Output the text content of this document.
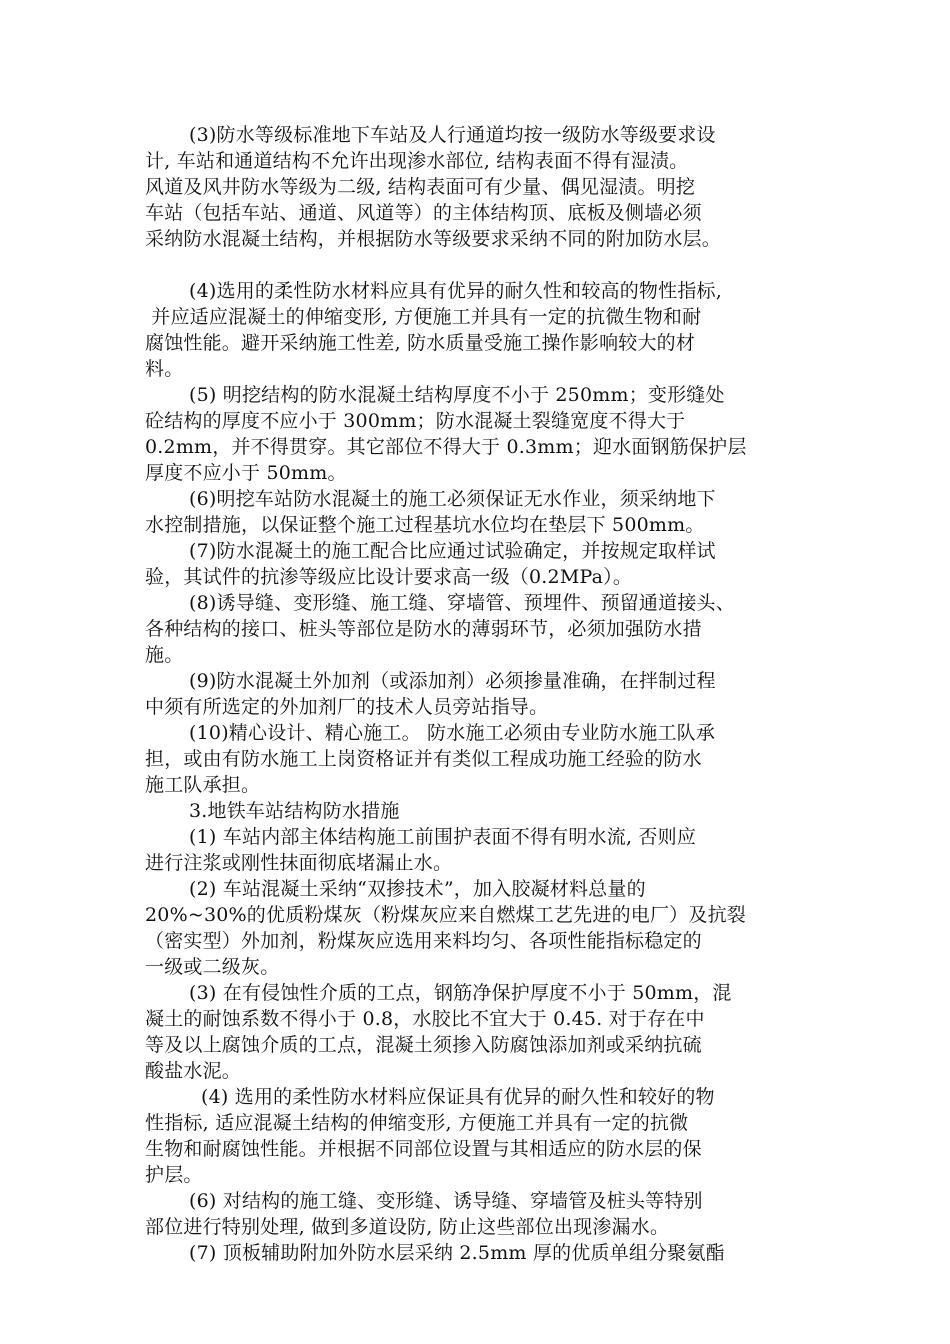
(3)防水等级标准地下车站及人行通道均按一级防水等级要求设
计, 车站和通道结构不允许出现渗水部位, 结构表面不得有湿渍。
风道及风井防水等级为二级, 结构表面可有少量、偶见湿渍。明挖
车站（包括车站、通道、风道等）的主体结构顶、底板及侧墙必须
采纳防水混凝土结构，并根据防水等级要求采纳不同的附加防水层。
(4)选用的柔性防水材料应具有优异的耐久性和较高的物性指标,
并应适应混凝土的伸缩变形, 方便施工并具有一定的抗微生物和耐
腐蚀性能。避开采纳施工性差, 防水质量受施工操作影响较大的材
料。
(5) 明挖结构的防水混凝土结构厚度不小于 250mm；变形缝处
砼结构的厚度不应小于 300mm；防水混凝土裂缝宽度不得大于
0.2mm，并不得贯穿。其它部位不得大于 0.3mm；迎水面钢筋保护层
厚度不应小于 50mm。
(6)明挖车站防水混凝土的施工必须保证无水作业，须采纳地下
水控制措施，以保证整个施工过程基坑水位均在垫层下 500mm。
(7)防水混凝土的施工配合比应通过试验确定，并按规定取样试
验，其试件的抗渗等级应比设计要求高一级（0.2MPa）。
(8)诱导缝、变形缝、施工缝、穿墙管、预埋件、预留通道接头、
各种结构的接口、桩头等部位是防水的薄弱环节，必须加强防水措
施。
(9)防水混凝土外加剂（或添加剂）必须掺量准确，在拌制过程
中须有所选定的外加剂厂的技术人员旁站指导。
(10)精心设计、精心施工。 防水施工必须由专业防水施工队承
担，或由有防水施工上岗资格证并有类似工程成功施工经验的防水
施工队承担。
3.地铁车站结构防水措施
(1) 车站内部主体结构施工前围护表面不得有明水流, 否则应
进行注浆或刚性抹面彻底堵漏止水。
(2) 车站混凝土采纳“双掺技术”，加入胶凝材料总量的
20%~30%的优质粉煤灰（粉煤灰应来自燃煤工艺先进的电厂）及抗裂
（密实型）外加剂，粉煤灰应选用来料均匀、各项性能指标稳定的
一级或二级灰。
(3) 在有侵蚀性介质的工点，钢筋净保护厚度不小于 50mm，混
凝土的耐蚀系数不得小于 0.8，水胶比不宜大于 0.45. 对于存在中
等及以上腐蚀介质的工点，混凝土须掺入防腐蚀添加剂或采纳抗硫
酸盐水泥。
(4) 选用的柔性防水材料应保证具有优异的耐久性和较好的物
性指标, 适应混凝土结构的伸缩变形, 方便施工并具有一定的抗微
生物和耐腐蚀性能。并根据不同部位设置与其相适应的防水层的保
护层。
(6) 对结构的施工缝、变形缝、诱导缝、穿墙管及桩头等特别
部位进行特别处理, 做到多道设防, 防止这些部位出现渗漏水。
(7) 顶板辅助附加外防水层采纳 2.5mm 厚的优质单组分聚氨酯
